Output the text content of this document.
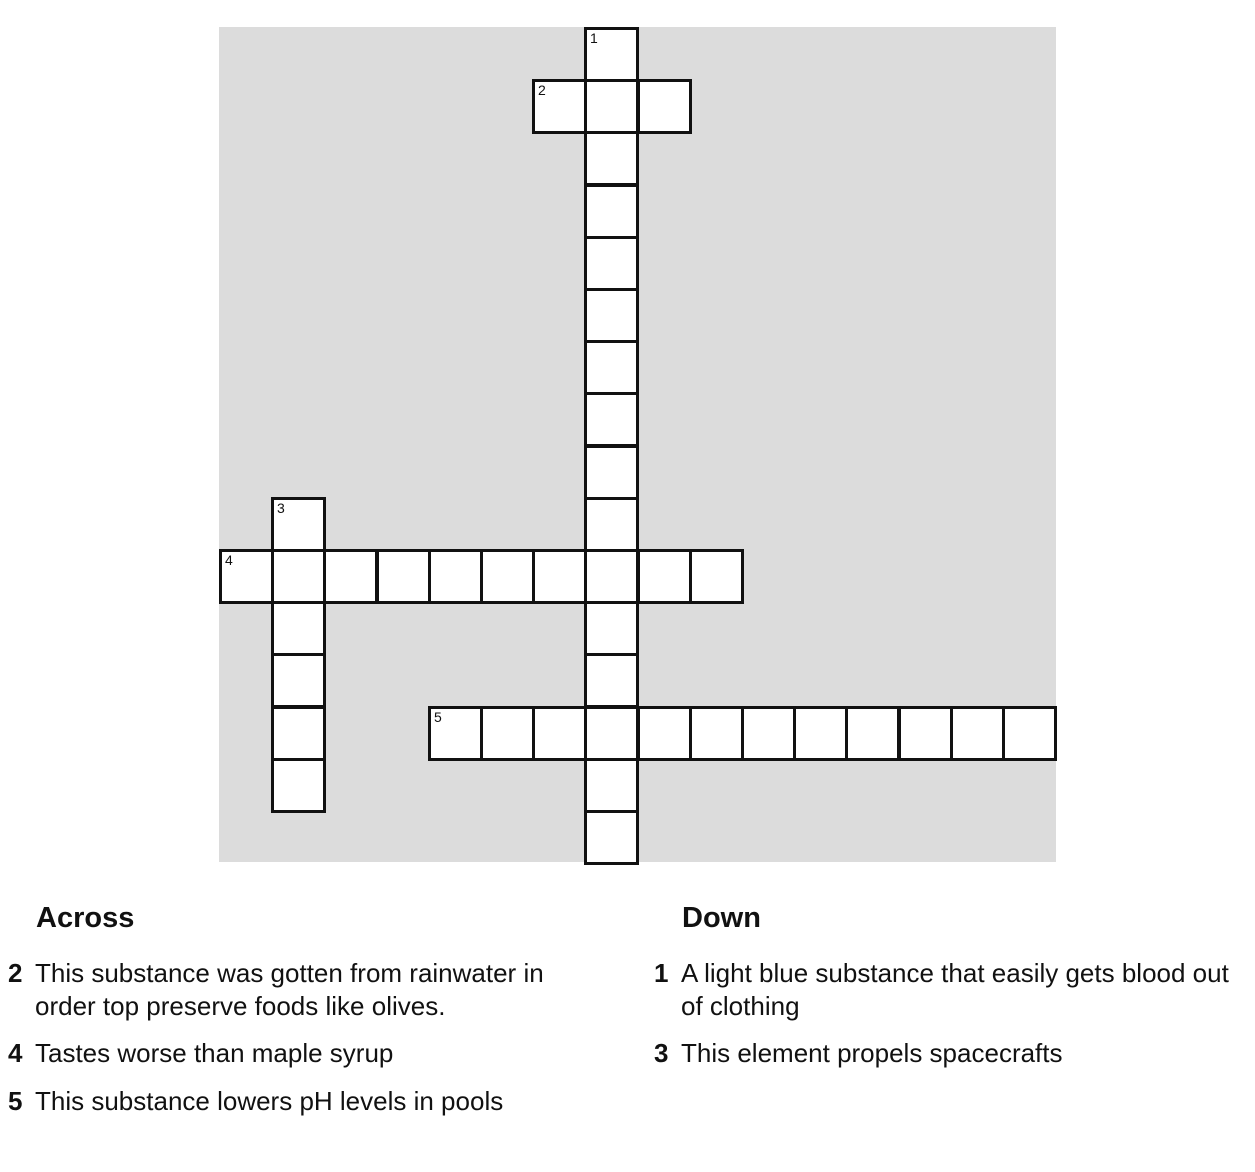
1
2
3
4
5
Across
2 This substance was gotten from rainwater in order top preserve foods like olives.
4 Tastes worse than maple syrup
5 This substance lowers pH levels in pools
Down
1 A light blue substance that easily gets blood out of clothing
3 This element propels spacecrafts
